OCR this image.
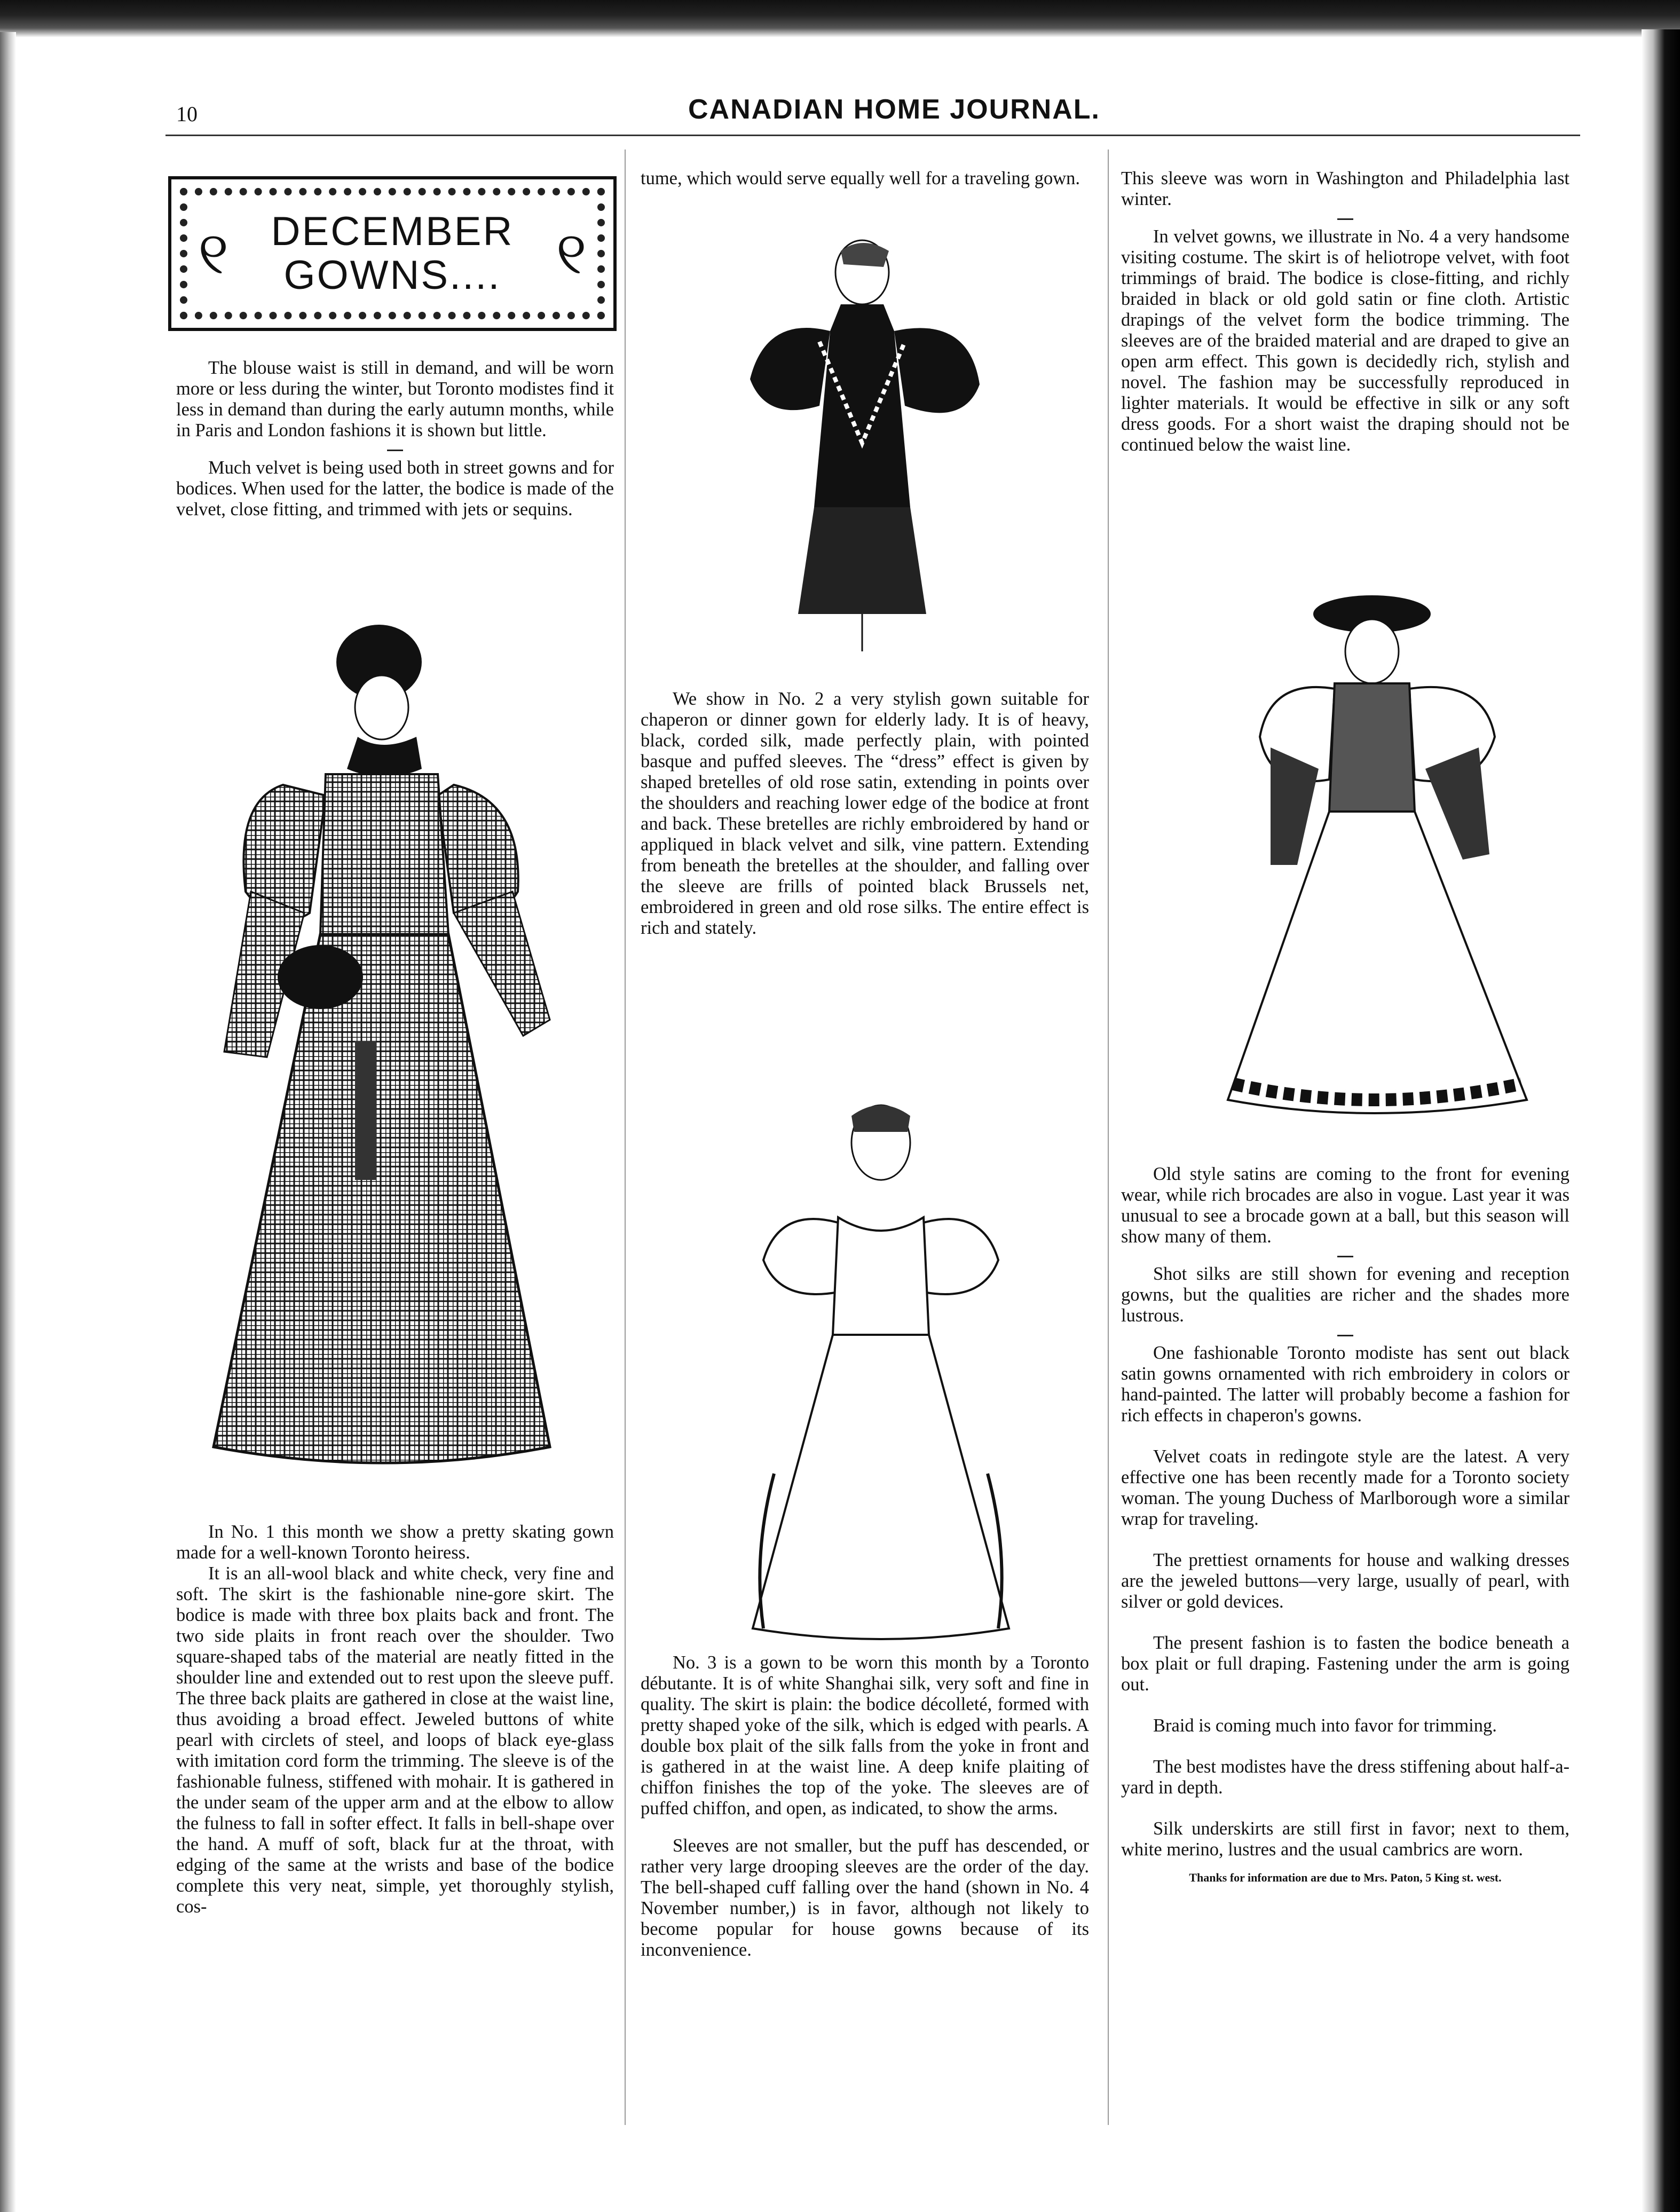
10	CANADIAN HOME JOURNAL.
୧ DECEMBER
GOWNS.... ୧

The blouse waist is still in demand, and will be worn more or less during the winter, but Toronto modistes find it less in demand than during the early autumn months, while in Paris and London fashions it is shown but little.

Much velvet is being used both in street gowns and for bodices. When used for the latter, the bodice is made of the velvet, close fitting, and trimmed with jets or sequins.

In No. 1 this month we show a pretty skating gown made for a well-known Toronto heiress.

It is an all-wool black and white check, very fine and soft. The skirt is the fashionable nine-gore skirt. The bodice is made with three box plaits back and front. The two side plaits in front reach over the shoulder. Two square-shaped tabs of the material are neatly fitted in the shoulder line and extended out to rest upon the sleeve puff. The three back plaits are gathered in close at the waist line, thus avoiding a broad effect. Jeweled buttons of white pearl with circlets of steel, and loops of black eye-glass with imitation cord form the trimming. The sleeve is of the fashionable fulness, stiffened with mohair. It is gathered in the under seam of the upper arm and at the elbow to allow the fulness to fall in softer effect. It falls in bell-shape over the hand. A muff of soft, black fur at the throat, with edging of the same at the wrists and base of the bodice complete this very neat, simple, yet thoroughly stylish, cos-

tume, which would serve equally well for a traveling gown.

We show in No. 2 a very stylish gown suitable for chaperon or dinner gown for elderly lady. It is of heavy, black, corded silk, made perfectly plain, with pointed basque and puffed sleeves. The “dress” effect is given by shaped bretelles of old rose satin, extending in points over the shoulders and reaching lower edge of the bodice at front and back. These bretelles are richly embroidered by hand or appliqued in black velvet and silk, vine pattern. Extending from beneath the bretelles at the shoulder, and falling over the sleeve are frills of pointed black Brussels net, embroidered in green and old rose silks. The entire effect is rich and stately.

No. 3 is a gown to be worn this month by a Toronto débutante. It is of white Shanghai silk, very soft and fine in quality. The skirt is plain: the bodice décolleté, formed with pretty shaped yoke of the silk, which is edged with pearls. A double box plait of the silk falls from the yoke in front and is gathered in at the waist line. A deep knife plaiting of chiffon finishes the top of the yoke. The sleeves are of puffed chiffon, and open, as indicated, to show the arms.

Sleeves are not smaller, but the puff has descended, or rather very large drooping sleeves are the order of the day. The bell-shaped cuff falling over the hand (shown in No. 4 November number,) is in favor, although not likely to become popular for house gowns because of its inconvenience.

This sleeve was worn in Washington and Philadelphia last winter.

In velvet gowns, we illustrate in No. 4 a very handsome visiting costume. The skirt is of heliotrope velvet, with foot trimmings of braid. The bodice is close-fitting, and richly braided in black or old gold satin or fine cloth. Artistic drapings of the velvet form the bodice trimming. The sleeves are of the braided material and are draped to give an open arm effect. This gown is decidedly rich, stylish and novel. The fashion may be successfully reproduced in lighter materials. It would be effective in silk or any soft dress goods. For a short waist the draping should not be continued below the waist line.

Old style satins are coming to the front for evening wear, while rich brocades are also in vogue. Last year it was unusual to see a brocade gown at a ball, but this season will show many of them.

Shot silks are still shown for evening and reception gowns, but the qualities are richer and the shades more lustrous.

One fashionable Toronto modiste has sent out black satin gowns ornamented with rich embroidery in colors or hand-painted. The latter will probably become a fashion for rich effects in chaperon's gowns.

Velvet coats in redingote style are the latest. A very effective one has been recently made for a Toronto society woman. The young Duchess of Marlborough wore a similar wrap for traveling.

The prettiest ornaments for house and walking dresses are the jeweled buttons—very large, usually of pearl, with silver or gold devices.

The present fashion is to fasten the bodice beneath a box plait or full draping. Fastening under the arm is going out.

Braid is coming much into favor for trimming.

The best modistes have the dress stiffening about half-a-yard in depth.

Silk underskirts are still first in favor; next to them, white merino, lustres and the usual cambrics are worn.

Thanks for information are due to Mrs. Paton, 5 King st. west.
